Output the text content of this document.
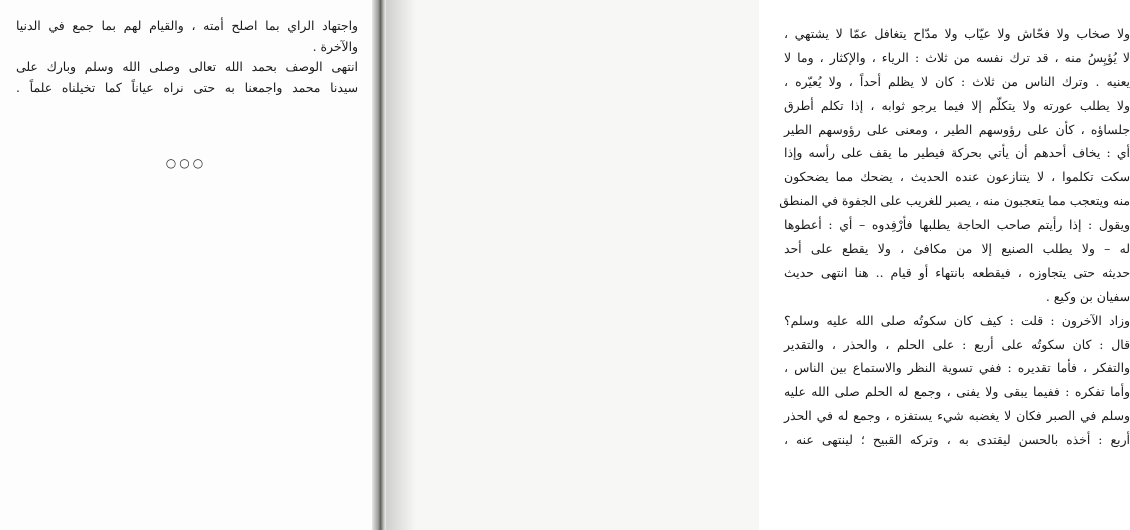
واجتهاد الراي بما اصلح أمته ، والقيام لهم بما جمع في الدنيا
والآخرة .
انتهى الوصف بحمد الله تعالى وصلى الله وسلم وبارك على
سيدنا محمد واجمعنا به حتى نراه عياناً كما تخيلناه علماً .
○○○
ولا صخاب ولا فحّاش ولا عيّاب ولا مدّاح يتغافل عمّا لا يشتهي ،
لا يُؤيِسُ منه ، قد ترك نفسه من ثلاث : الرياء ، والإكثار ، وما لا
يعنيه . وترك الناس من ثلاث : كان لا يظلم أحداً ، ولا يُعيّره ،
ولا يطلب عورته ولا يتكلّم إلا فيما يرجو ثوابه ، إذا تكلم أطرق
جلساؤه ، كأن على رؤوسهم الطير ، ومعنى على رؤوسهم الطير
أي : يخاف أحدهم أن يأتي بحركة فيطير ما يقف على رأسه وإذا
سكت تكلموا ، لا يتنازعون عنده الحديث ، يضحك مما يضحكون
منه ويتعجب مما يتعجبون منه ، يصبر للغريب على الجفوة في المنطق
ويقول : إذا رأيتم صاحب الحاجة يطلبها فأرْفِدوه – أي : أعطوها
له – ولا يطلب الصنيع إلا من مكافئ ، ولا يقطع على أحد
حديثه حتى يتجاوزه ، فيقطعه بانتهاء أو قيام .. هنا انتهى حديث
سفيان بن وكيع .
وزاد الآخرون : قلت : كيف كان سكوتُه صلى الله عليه وسلم؟
قال : كان سكوتُه على أربع : على الحلم ، والحذر ، والتقدير
والتفكر ، فأما تقديره : ففي تسوية النظر والاستماع بين الناس ،
وأما تفكره : ففيما يبقى ولا يفنى ، وجمع له الحلم صلى الله عليه
وسلم في الصبر فكان لا يغضبه شيء يستفزه ، وجمع له في الحذر
أربع : أخذه بالحسن ليقتدى به ، وتركه القبيح ؛ لينتهى عنه ،
